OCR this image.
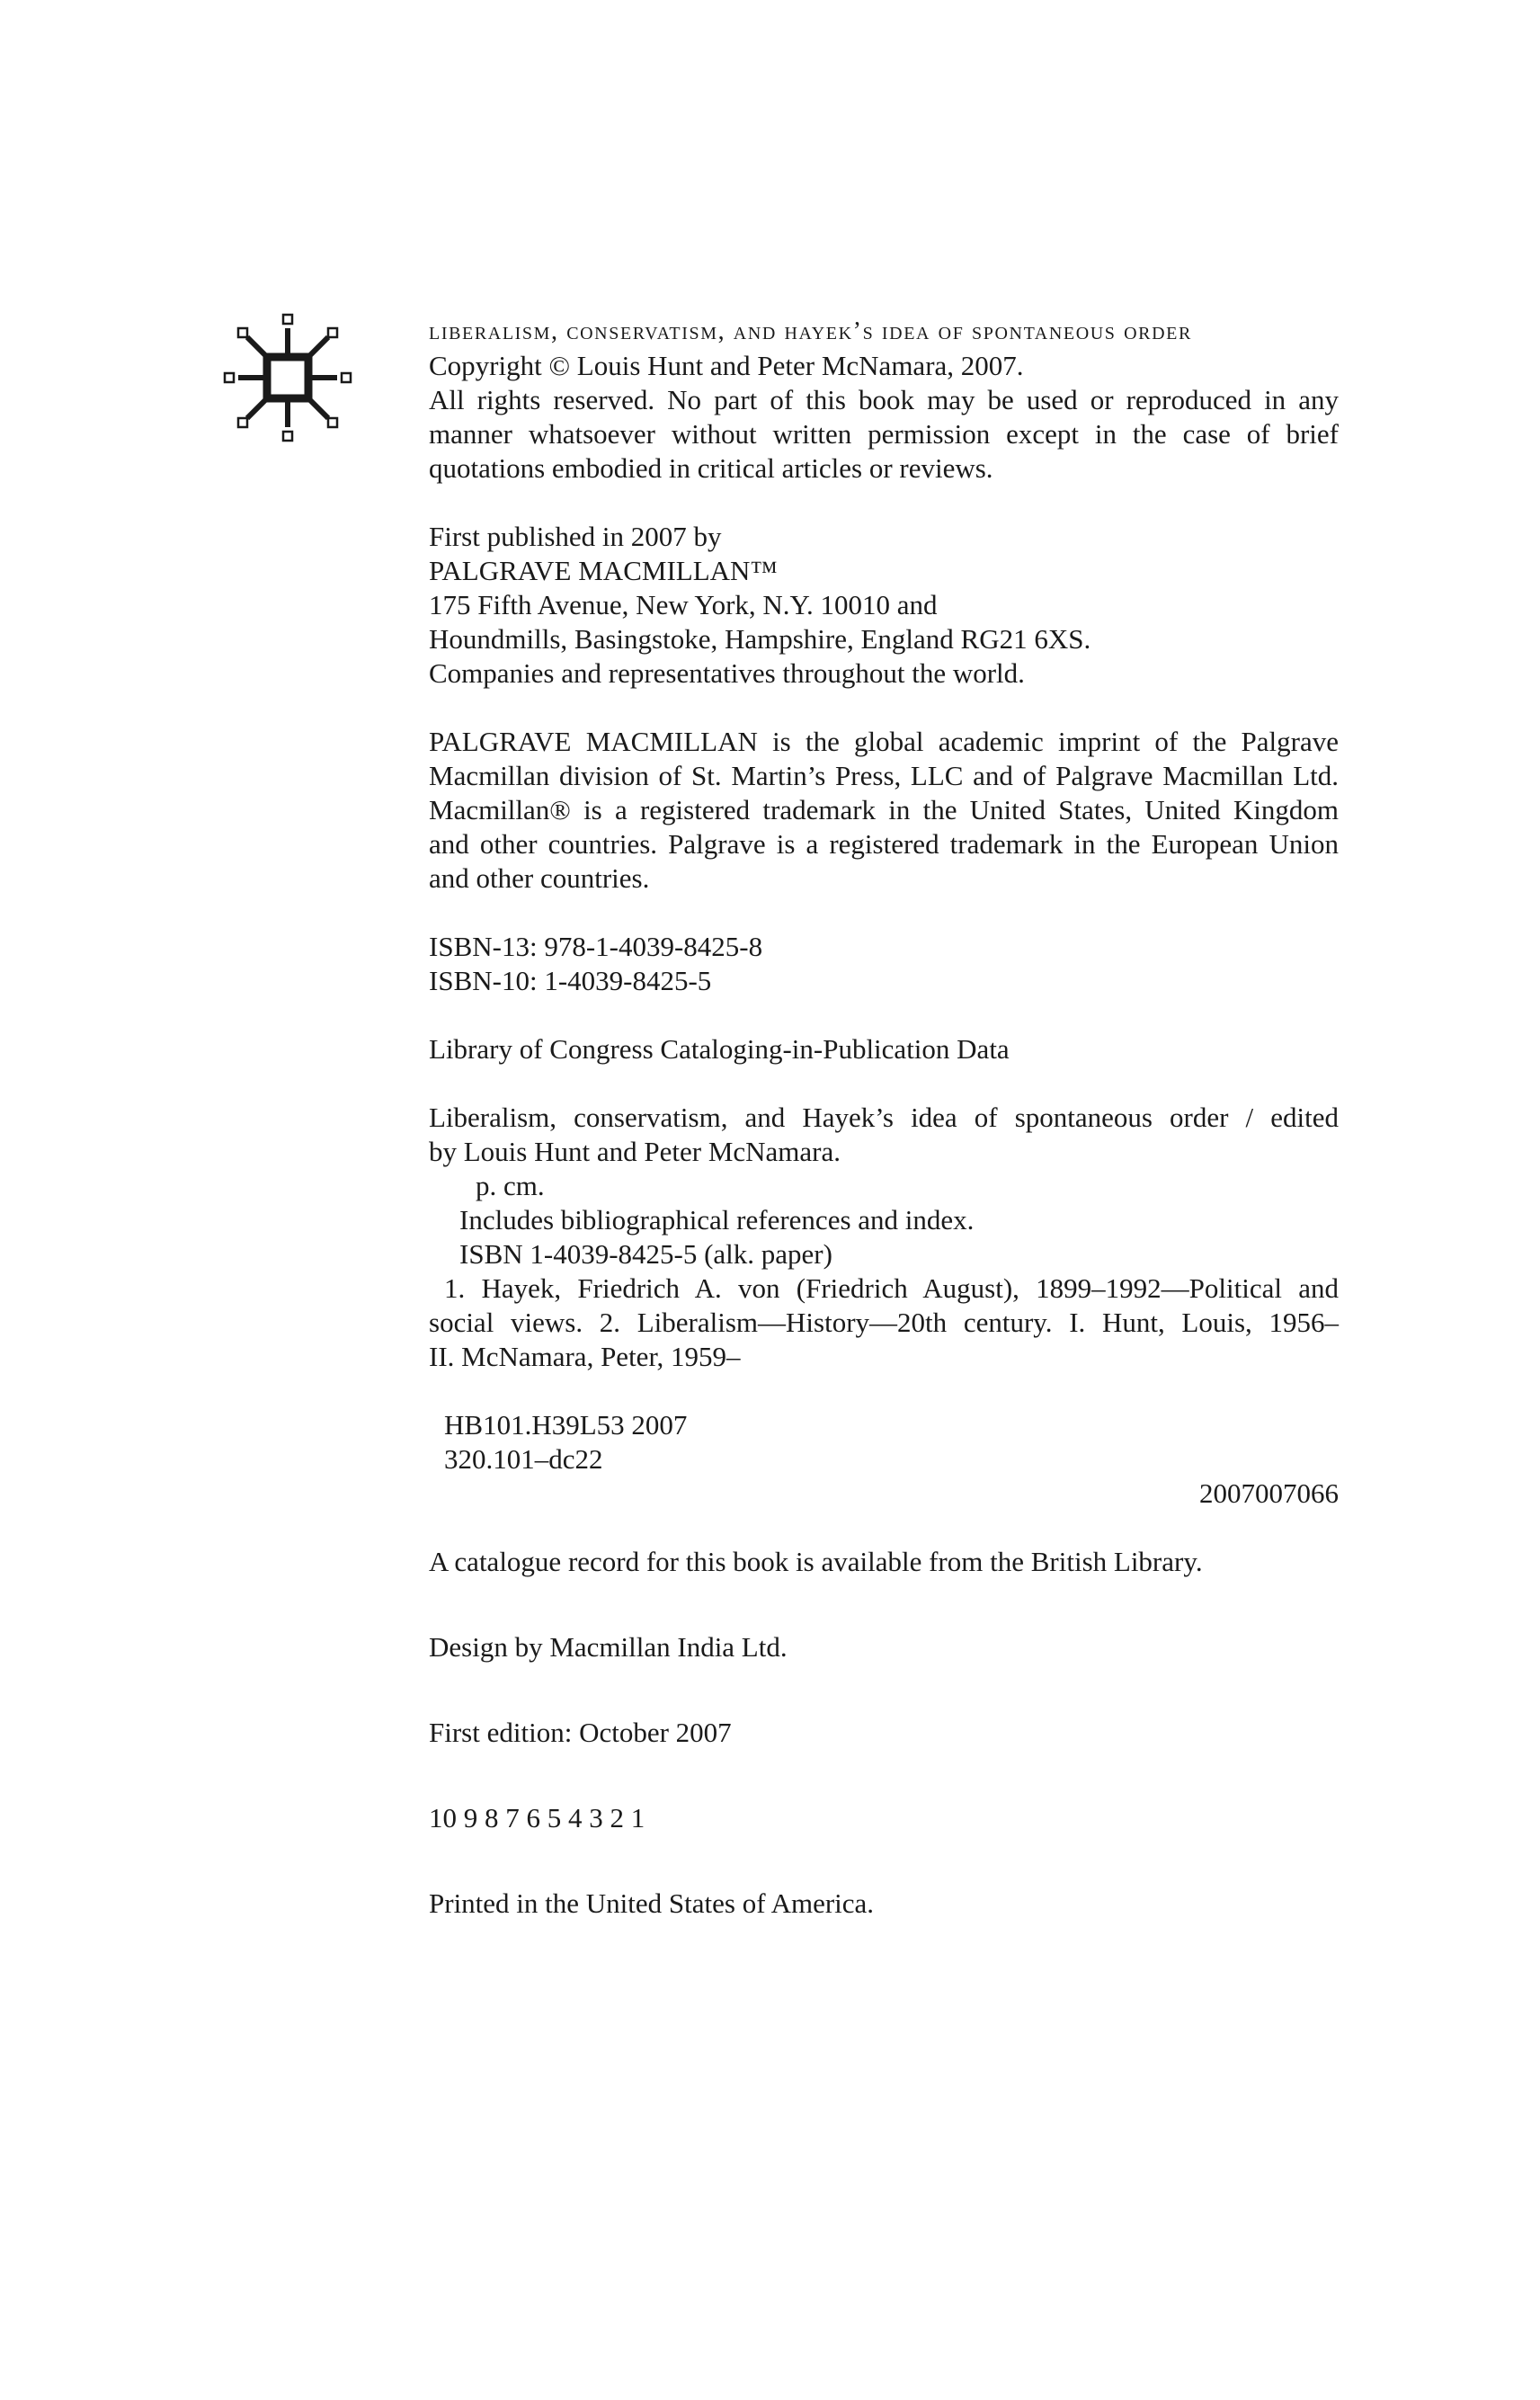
liberalism, conservatism, and hayek’s idea of spontaneous order
Copyright © Louis Hunt and Peter McNamara, 2007.
All rights reserved. No part of this book may be used or reproduced in any
manner whatsoever without written permission except in the case of brief
quotations embodied in critical articles or reviews.
First published in 2007 by
PALGRAVE MACMILLAN™
175 Fifth Avenue, New York, N.Y. 10010 and
Houndmills, Basingstoke, Hampshire, England RG21 6XS.
Companies and representatives throughout the world.
PALGRAVE MACMILLAN is the global academic imprint of the Palgrave
Macmillan division of St. Martin’s Press, LLC and of Palgrave Macmillan Ltd.
Macmillan® is a registered trademark in the United States, United Kingdom
and other countries. Palgrave is a registered trademark in the European Union
and other countries.
ISBN-13: 978-1-4039-8425-8
ISBN-10: 1-4039-8425-5
Library of Congress Cataloging-in-Publication Data
Liberalism, conservatism, and Hayek’s idea of spontaneous order / edited
by Louis Hunt and Peter McNamara.
p. cm.
Includes bibliographical references and index.
ISBN 1-4039-8425-5 (alk. paper)
1. Hayek, Friedrich A. von (Friedrich August), 1899–1992—Political and
social views. 2. Liberalism—History—20th century. I. Hunt, Louis, 1956–
II. McNamara, Peter, 1959–
HB101.H39L53 2007
320.101–dc22
2007007066
A catalogue record for this book is available from the British Library.
Design by Macmillan India Ltd.
First edition: October 2007
10 9 8 7 6 5 4 3 2 1
Printed in the United States of America.
